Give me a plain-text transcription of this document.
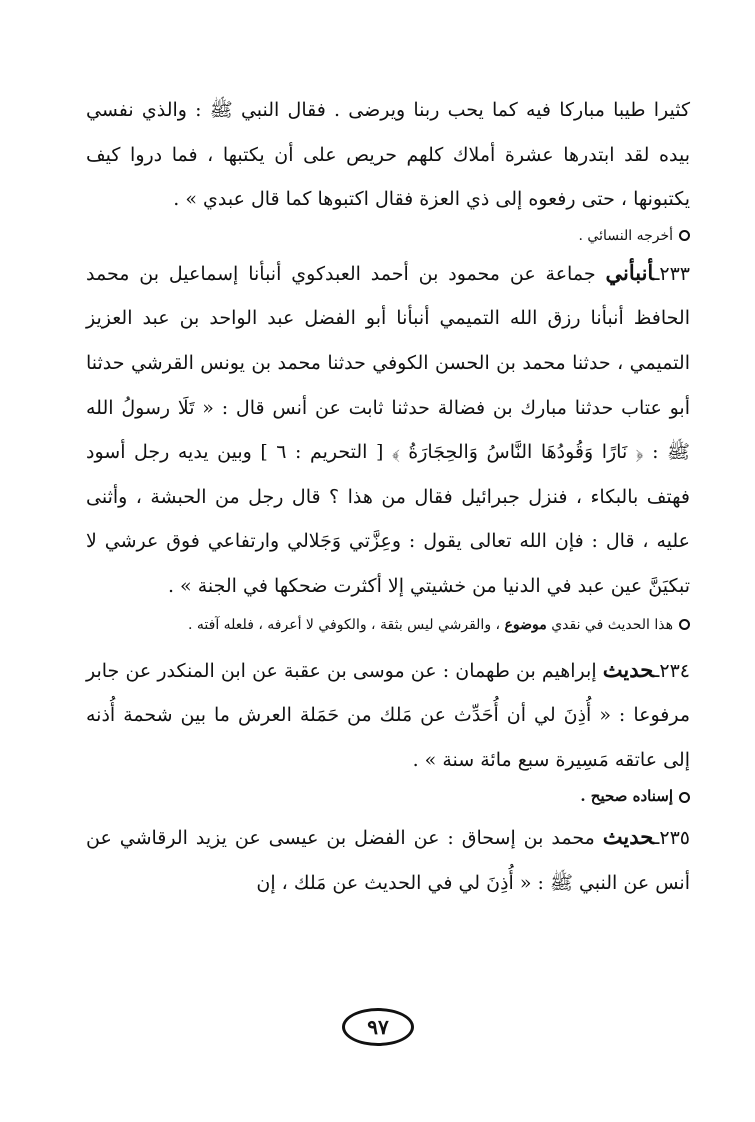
كثيرا طيبا مباركا فيه كما يحب ربنا ويرضى . فقال النبي ﷺ : والذي نفسي بيده لقد ابتدرها عشرة أملاك كلهم حريص على أن يكتبها ، فما دروا كيف يكتبونها ، حتى رفعوه إلى ذي العزة فقال اكتبوها كما قال عبدي » .

أخرجه النسائي .

٢٣٣ـأنبأني جماعة عن محمود بن أحمد العبدكوي أنبأنا إسماعيل بن محمد الحافظ أنبأنا رزق الله التميمي أنبأنا أبو الفضل عبد الواحد بن عبد العزيز التميمي ، حدثنا محمد بن الحسن الكوفي حدثنا محمد بن يونس القرشي حدثنا أبو عتاب حدثنا مبارك بن فضالة حدثنا ثابت عن أنس قال : « تَلَا رسولُ الله ﷺ : ﴿ نَارًا وَقُودُهَا النَّاسُ وَالحِجَارَةُ ﴾ [ التحريم : ٦ ] وبين يديه رجل أسود فهتف بالبكاء ، فنزل جبرائيل فقال من هذا ؟ قال رجل من الحبشة ، وأثنى عليه ، قال : فإن الله تعالى يقول : وعِزَّتي وَجَلالي وارتفاعي فوق عرشي لا تبكيَنَّ عين عبد في الدنيا من خشيتي إلا أكثرت ضحكها في الجنة » .

هذا الحديث في نقدي موضوع ، والقرشي ليس بثقة ، والكوفي لا أعرفه ، فلعله آفته .

٢٣٤ـحديث إبراهيم بن طهمان : عن موسى بن عقبة عن ابن المنكدر عن جابر مرفوعا : « أُذِنَ لي أن أُحَدِّث عن مَلك من حَمَلة العرش ما بين شحمة أُذنه إلى عاتقه مَسِيرة سبع مائة سنة » .

إسناده صحيح .

٢٣٥ـحديث محمد بن إسحاق : عن الفضل بن عيسى عن يزيد الرقاشي عن أنس عن النبي ﷺ : « أُذِنَ لي في الحديث عن مَلك ، إن

٩٧
